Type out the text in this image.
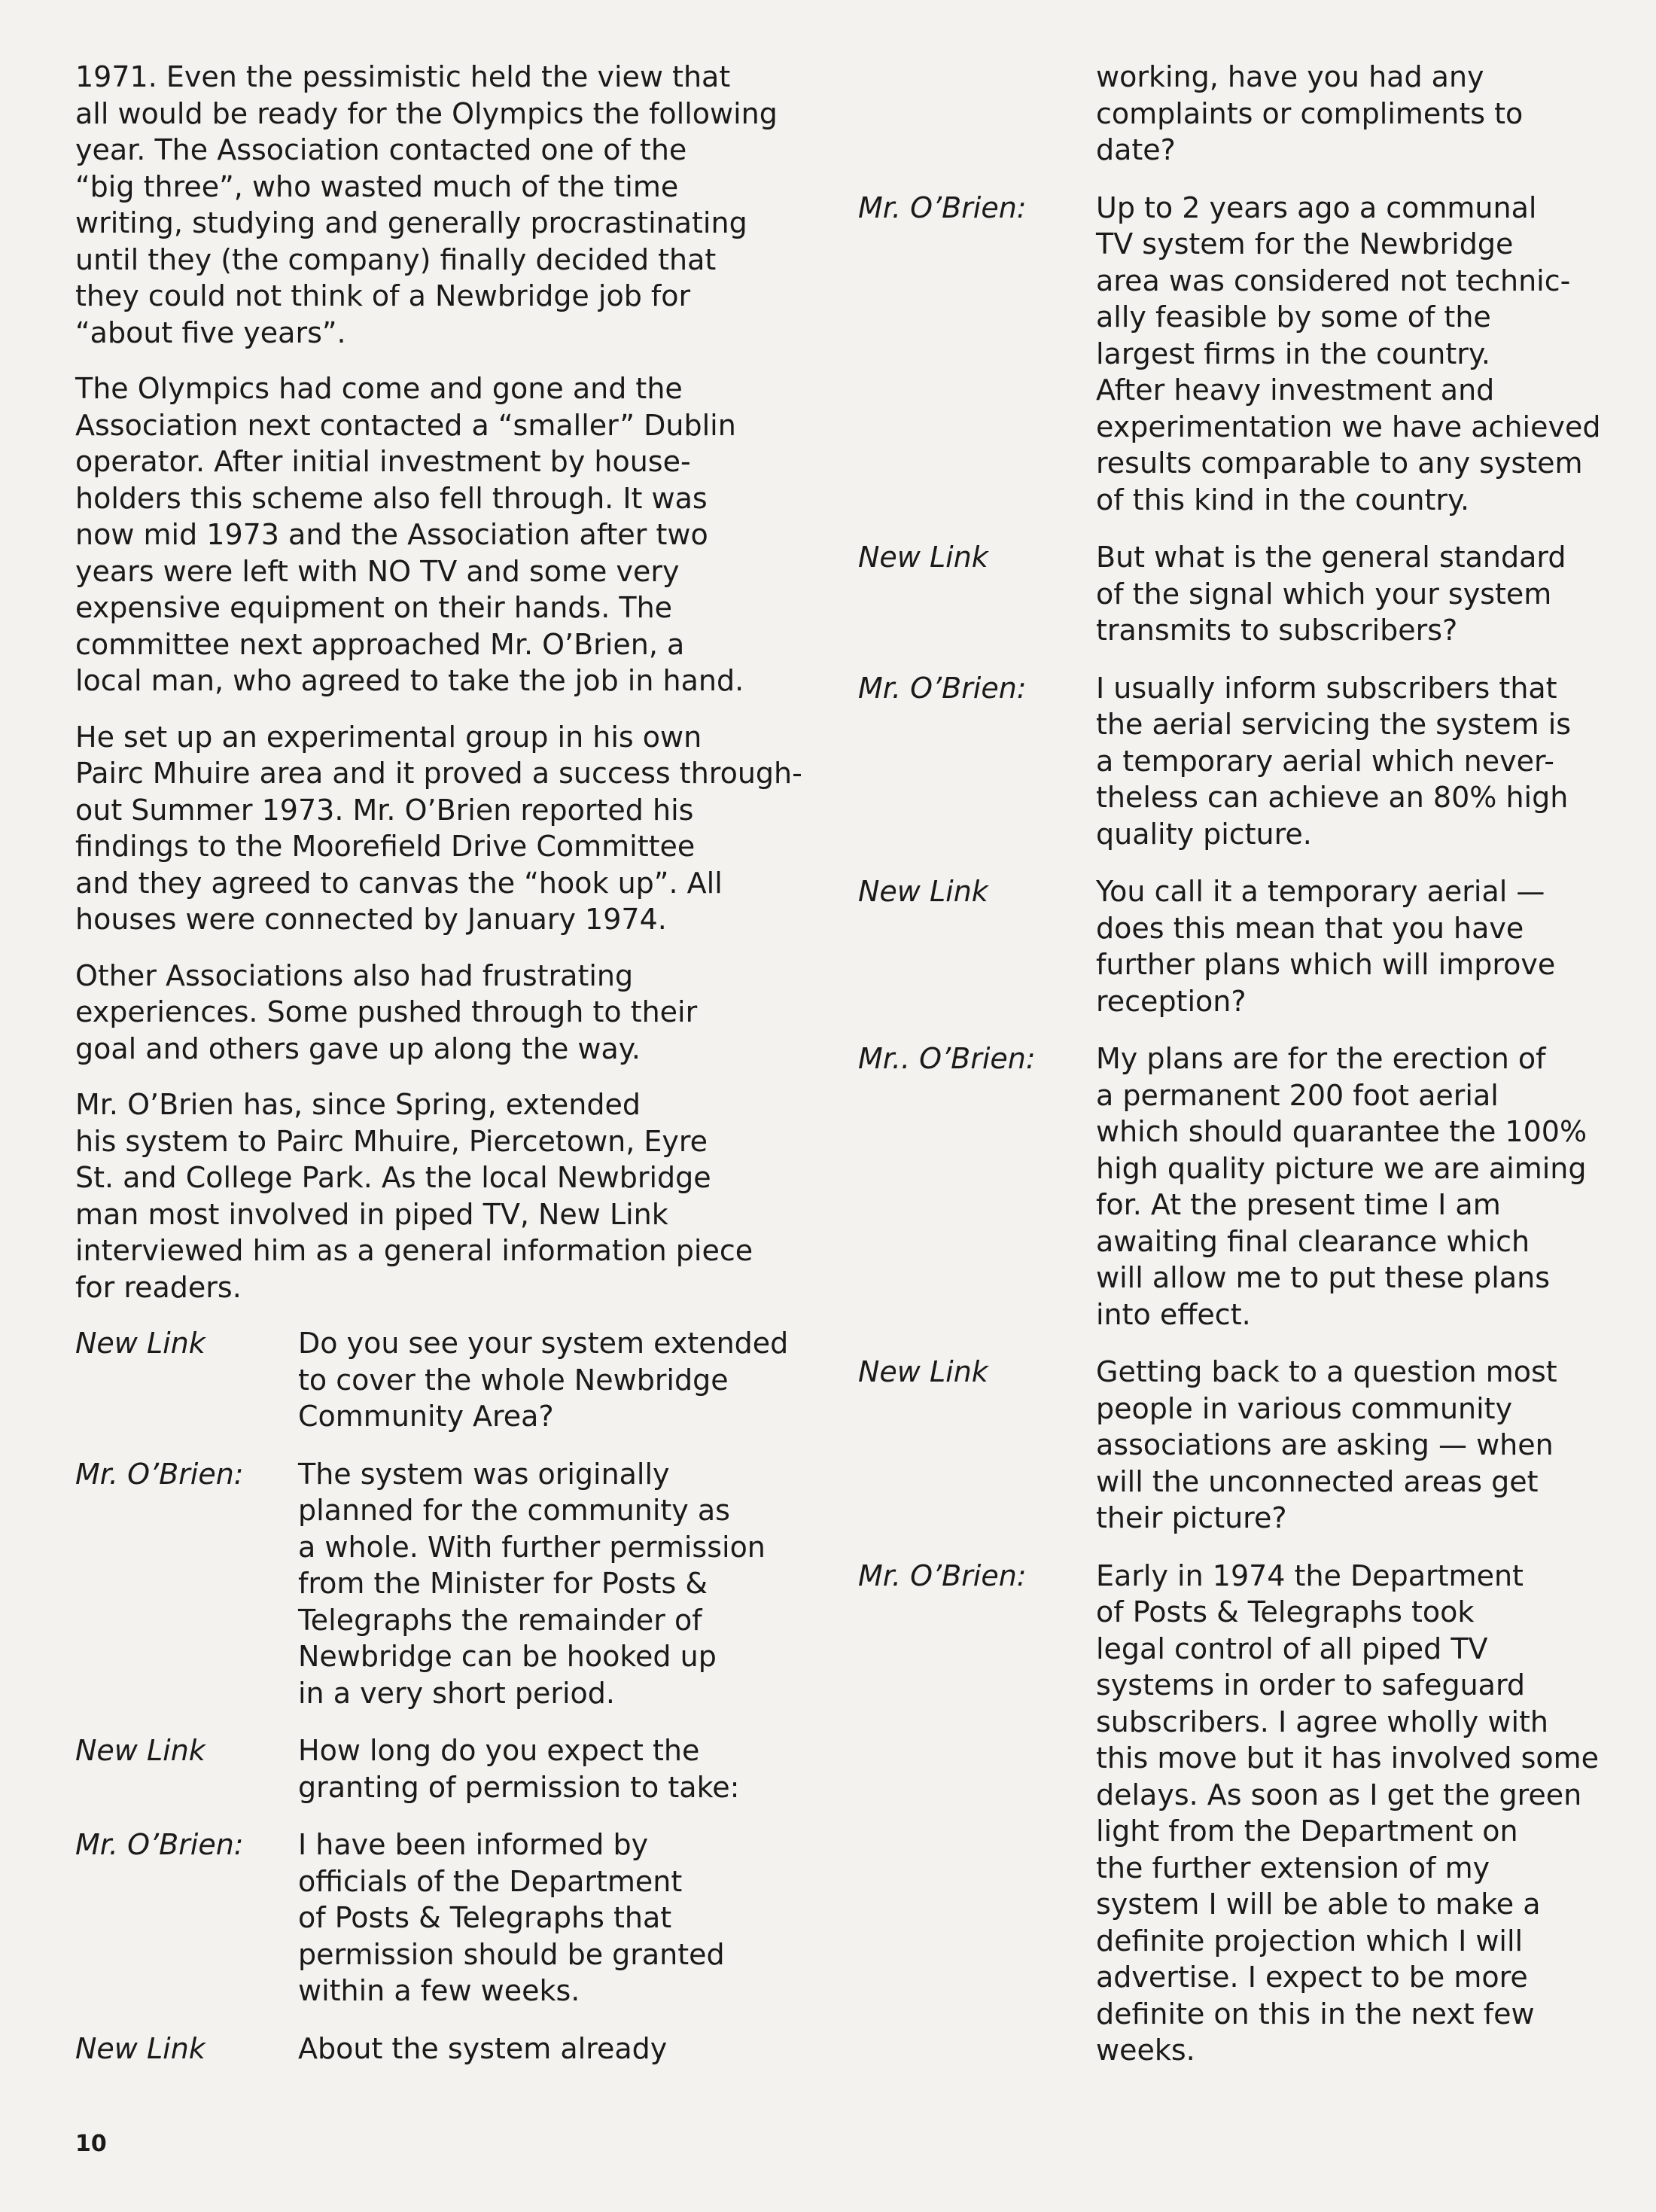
1971. Even the pessimistic held the view that
all would be ready for the Olympics the following
year. The Association contacted one of the
“big three”, who wasted much of the time
writing, studying and generally procrastinating
until they (the company) finally decided that
they could not think of a Newbridge job for
“about five years”.

The Olympics had come and gone and the
Association next contacted a “smaller” Dublin
operator. After initial investment by house-
holders this scheme also fell through. It was
now mid 1973 and the Association after two
years were left with NO TV and some very
expensive equipment on their hands. The
committee next approached Mr. O’Brien, a
local man, who agreed to take the job in hand.

He set up an experimental group in his own
Pairc Mhuire area and it proved a success through-
out Summer 1973. Mr. O’Brien reported his
findings to the Moorefield Drive Committee
and they agreed to canvas the “hook up”. All
houses were connected by January 1974.

Other Associations also had frustrating
experiences. Some pushed through to their
goal and others gave up along the way.

Mr. O’Brien has, since Spring, extended
his system to Pairc Mhuire, Piercetown, Eyre
St. and College Park. As the local Newbridge
man most involved in piped TV, New Link
interviewed him as a general information piece
for readers.

New Link	Do you see your system extended
to cover the whole Newbridge
Community Area?
Mr. O’Brien: The system was originally
planned for the community as
a whole. With further permission
from the Minister for Posts &
Telegraphs the remainder of
Newbridge can be hooked up
in a very short period.
New Link	How long do you expect the
granting of permission to take:
Mr. O’Brien: I have been informed by
officials of the Department
of Posts & Telegraphs that
permission should be granted
within a few weeks.
New Link	About the system already
working, have you had any
complaints or compliments to
date?
Mr. O’Brien: Up to 2 years ago a communal
TV system for the Newbridge
area was considered not technic-
ally feasible by some of the
largest firms in the country.
After heavy investment and
experimentation we have achieved
results comparable to any system
of this kind in the country.
New Link	But what is the general standard
of the signal which your system
transmits to subscribers?
Mr. O’Brien: I usually inform subscribers that
the aerial servicing the system is
a temporary aerial which never-
theless can achieve an 80% high
quality picture.
New Link	You call it a temporary aerial —
does this mean that you have
further plans which will improve
reception?
Mr.. O’Brien: My plans are for the erection of
a permanent 200 foot aerial
which should quarantee the 100%
high quality picture we are aiming
for. At the present time I am
awaiting final clearance which
will allow me to put these plans
into effect.
New Link	Getting back to a question most
people in various community
associations are asking — when
will the unconnected areas get
their picture?
Mr. O’Brien: Early in 1974 the Department
of Posts & Telegraphs took
legal control of all piped TV
systems in order to safeguard
subscribers. I agree wholly with
this move but it has involved some
delays. As soon as I get the green
light from the Department on
the further extension of my
system I will be able to make a
definite projection which I will
advertise. I expect to be more
definite on this in the next few
weeks.
10
